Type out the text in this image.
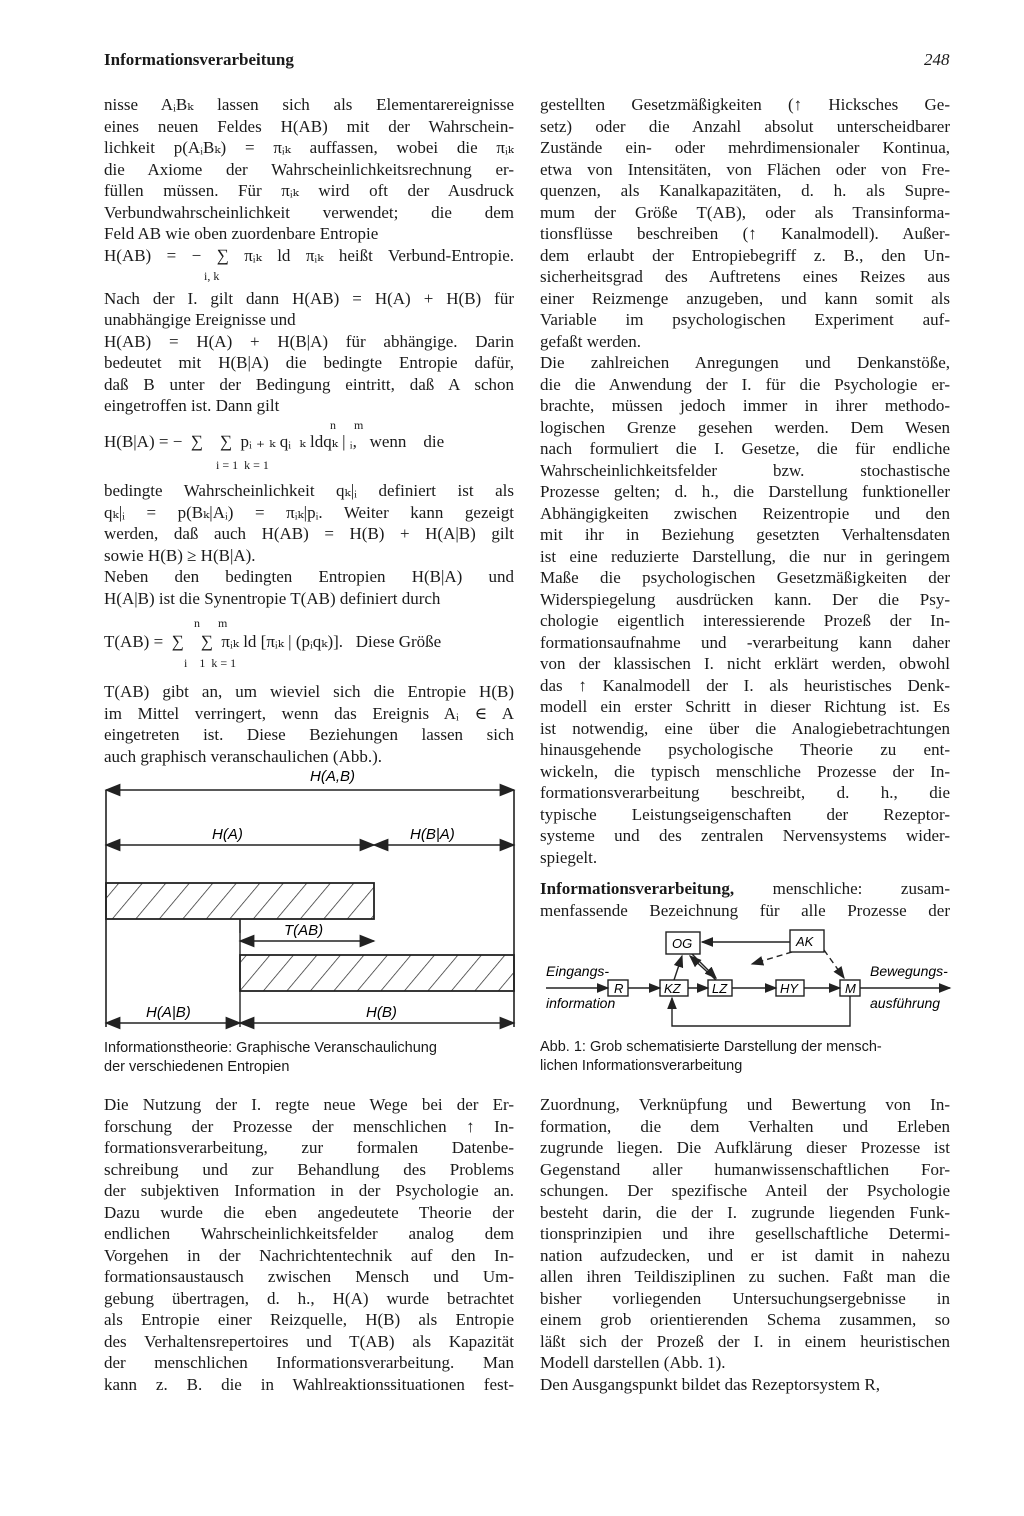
Informationsverarbeitung	248
nisse AᵢBₖ lassen sich als Elementarereignisse
eines neuen Feldes H(AB) mit der Wahrschein-
lichkeit p(AᵢBₖ) = πᵢₖ auffassen, wobei die πᵢₖ
die Axiome der Wahrscheinlichkeitsrechnung er-
füllen müssen. Für πᵢₖ wird oft der Ausdruck
Verbundwahrscheinlichkeit verwendet; die dem
Feld AB wie oben zuordenbare Entropie
H(AB) = − ∑ πᵢₖ ld πᵢₖ heißt Verbund-Entropie.
i, k
Nach der I. gilt dann H(AB) = H(A) + H(B) für
unabhängige Ereignisse und
H(AB) = H(A) + H(B|A) für abhängige. Darin
bedeutet mit H(B|A) die bedingte Entropie dafür,
daß B unter der Bedingung eintritt, daß A schon
eingetroffen ist. Dann gilt
n      m
H(B|A) = −  ∑    ∑  pᵢ ₊ ₖ qᵢ  ₖ ldqₖ | ᵢ,   wenn    die
i = 1  k = 1
bedingte Wahrscheinlichkeit qₖ|ᵢ definiert ist als
qₖ|ᵢ = p(Bₖ|Aᵢ) = πᵢₖ|pᵢ. Weiter kann gezeigt
werden, daß auch H(AB) = H(B) + H(A|B) gilt
sowie H(B) ≥ H(B|A).
Neben den bedingten Entropien H(B|A) und
H(A|B) ist die Synentropie T(AB) definiert durch
n      m
T(AB) =  ∑    ∑  πᵢₖ ld [πᵢₖ | (pᵢqₖ)].   Diese Größe
i    1  k = 1
T(AB) gibt an, um wieviel sich die Entropie H(B)
im Mittel verringert, wenn das Ereignis Aᵢ ∈ A
eingetreten ist. Diese Beziehungen lassen sich
auch graphisch veranschaulichen (Abb.).
H(A,B)
H(A)	H(B|A)
T(AB)
H(A|B)	H(B)
Informationstheorie: Graphische Veranschaulichung
der verschiedenen Entropien
Die Nutzung der I. regte neue Wege bei der Er-
forschung der Prozesse der menschlichen ↑ In-
formationsverarbeitung, zur formalen Datenbe-
schreibung und zur Behandlung des Problems
der subjektiven Information in der Psychologie an.
Dazu wurde die eben angedeutete Theorie der
endlichen Wahrscheinlichkeitsfelder analog dem
Vorgehen in der Nachrichtentechnik auf den In-
formationsaustausch zwischen Mensch und Um-
gebung übertragen, d. h., H(A) wurde betrachtet
als Entropie einer Reizquelle, H(B) als Entropie
des Verhaltensrepertoires und T(AB) als Kapazität
der menschlichen Informationsverarbeitung. Man
kann z. B. die in Wahlreaktionssituationen fest-
gestellten Gesetzmäßigkeiten (↑ Hicksches Ge-
setz) oder die Anzahl absolut unterscheidbarer
Zustände ein- oder mehrdimensionaler Kontinua,
etwa von Intensitäten, von Flächen oder von Fre-
quenzen, als Kanalkapazitäten, d. h. als Supre-
mum der Größe T(AB), oder als Transinforma-
tionsflüsse beschreiben (↑ Kanalmodell). Außer-
dem erlaubt der Entropiebegriff z. B., den Un-
sicherheitsgrad des Auftretens eines Reizes aus
einer Reizmenge anzugeben, und kann somit als
Variable im psychologischen Experiment auf-
gefaßt werden.
Die zahlreichen Anregungen und Denkanstöße,
die die Anwendung der I. für die Psychologie er-
brachte, müssen jedoch immer in ihrer methodo-
logischen Grenze gesehen werden. Dem Wesen
nach formuliert die I. Gesetze, die für endliche
Wahrscheinlichkeitsfelder bzw. stochastische
Prozesse gelten; d. h., die Darstellung funktioneller
Abhängigkeiten zwischen Reizentropie und den
mit ihr in Beziehung gesetzten Verhaltensdaten
ist eine reduzierte Darstellung, die nur in geringem
Maße die psychologischen Gesetzmäßigkeiten der
Widerspiegelung ausdrücken kann. Der die Psy-
chologie eigentlich interessierende Prozeß der In-
formationsaufnahme und -verarbeitung kann daher
von der klassischen I. nicht erklärt werden, obwohl
das ↑ Kanalmodell der I. als heuristisches Denk-
modell ein erster Schritt in dieser Richtung ist. Es
ist notwendig, eine über die Analogiebetrachtungen
hinausgehende psychologische Theorie zu ent-
wickeln, die typisch menschliche Prozesse der In-
formationsverarbeitung beschreibt, d. h., die
typische Leistungseigenschaften der Rezeptor-
systeme und des zentralen Nervensystems wider-
spiegelt.
Informationsverarbeitung, menschliche: zusam-
menfassende Bezeichnung für alle Prozesse der
OG	AK
R	KZ LZ	HY	M
Eingangs-
information
Bewegungs-
ausführung
Abb. 1: Grob schematisierte Darstellung der mensch-
lichen Informationsverarbeitung
Zuordnung, Verknüpfung und Bewertung von In-
formation, die dem Verhalten und Erleben
zugrunde liegen. Die Aufklärung dieser Prozesse ist
Gegenstand aller humanwissenschaftlichen For-
schungen. Der spezifische Anteil der Psychologie
besteht darin, die der I. zugrunde liegenden Funk-
tionsprinzipien und ihre gesellschaftliche Determi-
nation aufzudecken, und er ist damit in nahezu
allen ihren Teildisziplinen zu suchen. Faßt man die
bisher vorliegenden Untersuchungsergebnisse in
einem grob orientierenden Schema zusammen, so
läßt sich der Prozeß der I. in einem heuristischen
Modell darstellen (Abb. 1).
Den Ausgangspunkt bildet das Rezeptorsystem R,
